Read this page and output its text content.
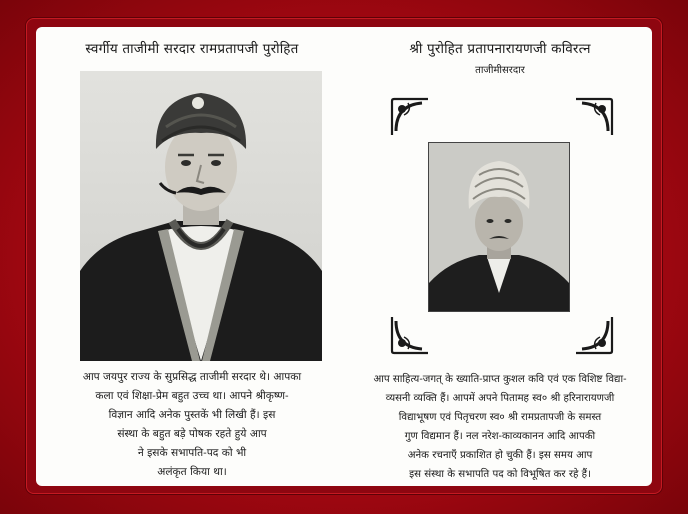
स्वर्गीय ताजीमी सरदार रामप्रतापजी पुरोहित
आप जयपुर राज्य के सुप्रसिद्ध ताजीमी सरदार थे। आपका
कला एवं शिक्षा-प्रेम बहुत उच्च था। आपने श्रीकृष्ण-
विज्ञान आदि अनेक पुस्तकें भी लिखी हैं। इस
संस्था के बहुत बड़े पोषक रहते हुये आप
ने इसके सभापति-पद को भी
अलंकृत किया था।
श्री पुरोहित प्रतापनारायणजी कविरत्न
ताजीमीसरदार
आप साहित्य-जगत् के ख्याति-प्राप्त कुशल कवि एवं एक विशिष्ट विद्या-
व्यसनी व्यक्ति हैं। आपमें अपने पितामह स्व० श्री हरिनारायणजी
विद्याभूषण एवं पितृचरण स्व० श्री रामप्रतापजी के समस्त
गुण विद्यमान हैं। नल नरेश-काव्यकानन आदि आपकी
अनेक रचनाएँ प्रकाशित हो चुकी हैं। इस समय आप
इस संस्था के सभापति पद को विभूषित कर रहे हैं।
